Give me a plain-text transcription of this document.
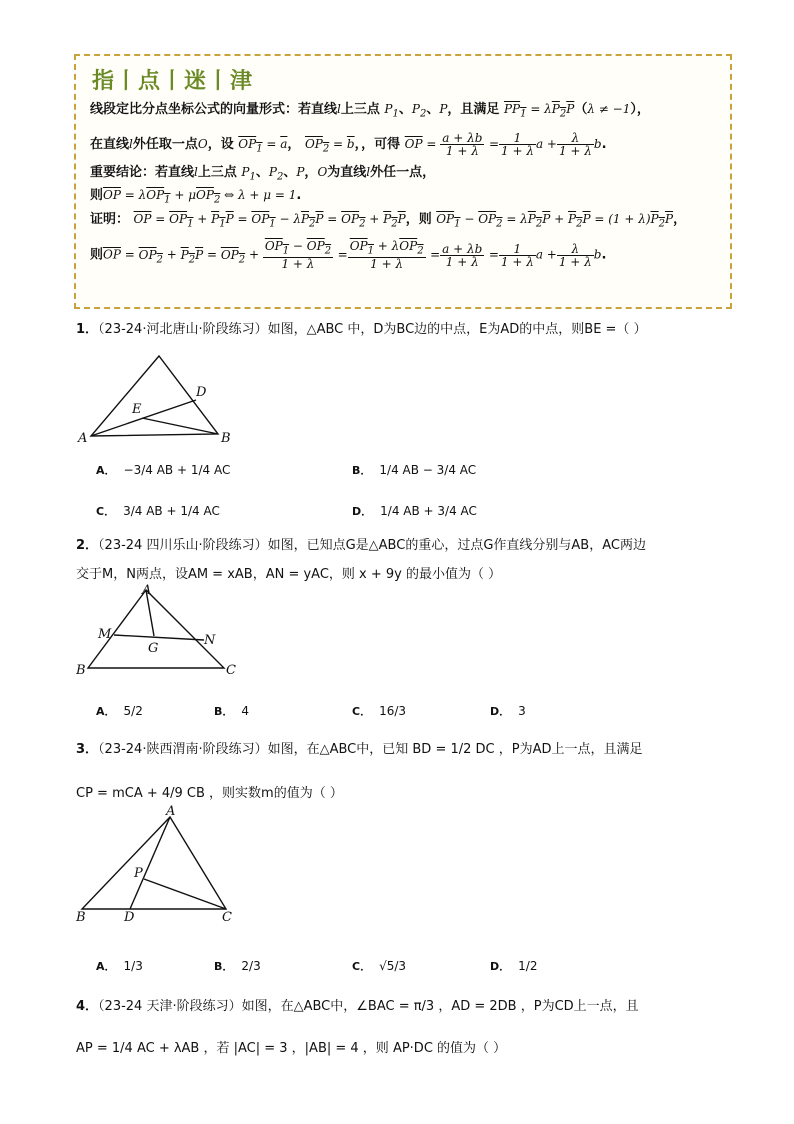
指丨点丨迷丨津
线段定比分点坐标公式的向量形式：若直线l上三点 $P_1$、$P_2$、P，且满足 $PP_1 = \lambda P_2P(\lambda \ne -1)$，
在直线l外任取一点O，设 $OP_1 = \overline{a}$， $OP_2 = \overline{b}$，，可得 $\overline{OP} = \frac{a + \lambda b}{1 + \lambda} = \frac{1}{1 + \lambda}$ $a + \frac{\lambda}{1 + \lambda} b$.
重要结论：若直线l上三点 $P_1$、$P_2$、P，O为直线l外任一点，
则$\overline{OP} = \lambda OP_1 + \mu OP_2$ ⇔ λ + μ = 1.
证明： $\overline{OP} = OP_1 + P_1P = OP_1 - \lambda P_2P = OP_2 + P_2P$，则 $OP_1 - OP_2 = \lambda P_2P + P_2P = (1 + \lambda)P_2P$，
则$\overline{OP} = OP_2 + P_2P = OP_2 + \frac{OP_1 - OP_2}{1 + \lambda} = \frac{OP_1 + \lambda OP_2}{1 + \lambda} = \frac{a + \lambda b}{1 + \lambda} = \frac{1}{1 + \lambda}$ $a + \frac{\lambda}{1 + \lambda} b$.
1．（23-24·河北唐山·阶段练习）如图，△ABC 中，D为BC边的中点，E为AD的中点，则BE =（ ）
A	B
D
E
A． −3/4 AB + 1/4 AC	B． 1/4 AB − 3/4 AC
C． 3/4 AB + 1/4 AC	D． 1/4 AB + 3/4 AC
2．（23-24 四川乐山·阶段练习）如图，已知点G是△ABC的重心，过点G作直线分别与AB，AC两边
交于M，N两点，设AM = xAB，AN = yAC，则 x + 9y 的最小值为（ ）
A
M	N
G
B	C
A． 5/2	B． 4	C． 16/3	D． 3
3．（23-24·陕西渭南·阶段练习）如图，在△ABC中，已知 BD = 1/2 DC ，P为AD上一点，且满足
CP = mCA + 4/9 CB ，则实数m的值为（ ）
A
P
B	D	C
A． 1/3	B． 2/3	C． √5/3	D． 1/2
4．（23-24 天津·阶段练习）如图，在△ABC中，∠BAC = π/3 ，AD = 2DB ，P为CD上一点，且
AP = 1/4 AC + λAB ，若 |AC| = 3 ，|AB| = 4 ，则 AP·DC 的值为（ ）
